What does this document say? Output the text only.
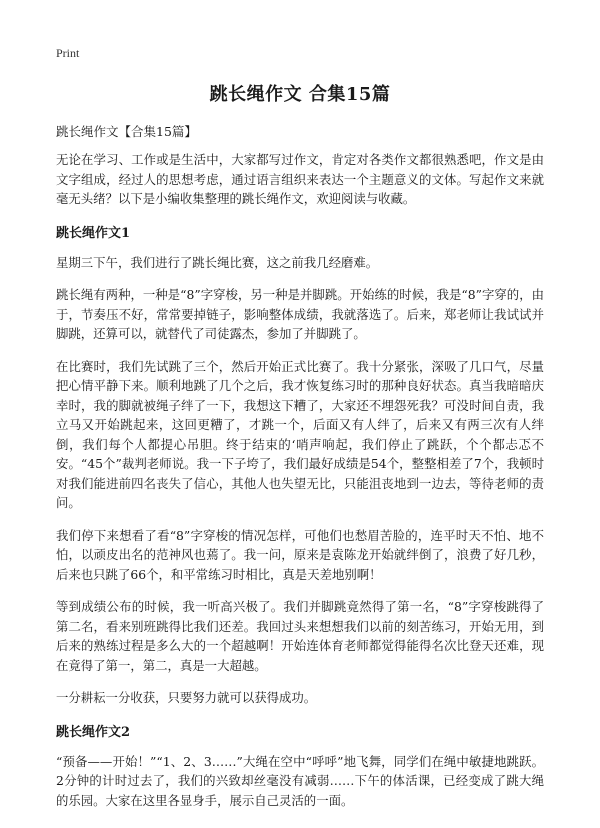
Print
跳长绳作文 合集15篇
跳长绳作文【合集15篇】

无论在学习、工作或是生活中，大家都写过作文，肯定对各类作文都很熟悉吧，作文是由文字组成，经过人的思想考虑，通过语言组织来表达一个主题意义的文体。写起作文来就毫无头绪？以下是小编收集整理的跳长绳作文，欢迎阅读与收藏。

跳长绳作文1

星期三下午，我们进行了跳长绳比赛，这之前我几经磨难。

跳长绳有两种，一种是“8”字穿梭，另一种是并脚跳。开始练的时候，我是“8”字穿的，由于，节奏压不好，常常要掉链子，影响整体成绩，我就落选了。后来，郑老师让我试试并脚跳，还算可以，就替代了司徒露杰，参加了并脚跳了。

在比赛时，我们先试跳了三个，然后开始正式比赛了。我十分紧张，深吸了几口气，尽量把心情平静下来。顺利地跳了几个之后，我才恢复练习时的那种良好状态。真当我暗暗庆幸时，我的脚就被绳子绊了一下，我想这下糟了，大家还不埋怨死我？可没时间自责，我立马又开始跳起来，这回更糟了，才跳一个，后面又有人绊了，后来又有两三次有人绊倒，我们每个人都提心吊胆。终于结束的‘哨声响起，我们停止了跳跃，个个都忐忑不安。“45个”裁判老师说。我一下子垮了，我们最好成绩是54个，整整相差了7个，我顿时对我们能进前四名丧失了信心，其他人也失望无比，只能沮丧地到一边去，等待老师的责问。

我们停下来想看了看“8”字穿梭的情况怎样，可他们也愁眉苦脸的，连平时天不怕、地不怕，以顽皮出名的范神风也蔫了。我一问，原来是袁陈龙开始就绊倒了，浪费了好几秒，后来也只跳了66个，和平常练习时相比，真是天差地别啊！

等到成绩公布的时候，我一听高兴极了。我们并脚跳竟然得了第一名，“8”字穿梭跳得了第二名，看来别班跳得比我们还差。我回过头来想想我们以前的刻苦练习，开始无用，到后来的熟练过程是多么大的一个超越啊！开始连体育老师都觉得能得名次比登天还难，现在竟得了第一，第二，真是一大超越。

一分耕耘一分收获，只要努力就可以获得成功。

跳长绳作文2

“预备——开始！”“1、2、3……”大绳在空中“呼呼”地飞舞，同学们在绳中敏捷地跳跃。2分钟的计时过去了，我们的兴致却丝毫没有减弱……下午的体活课，已经变成了跳大绳的乐园。大家在这里各显身手，展示自己灵活的一面。
